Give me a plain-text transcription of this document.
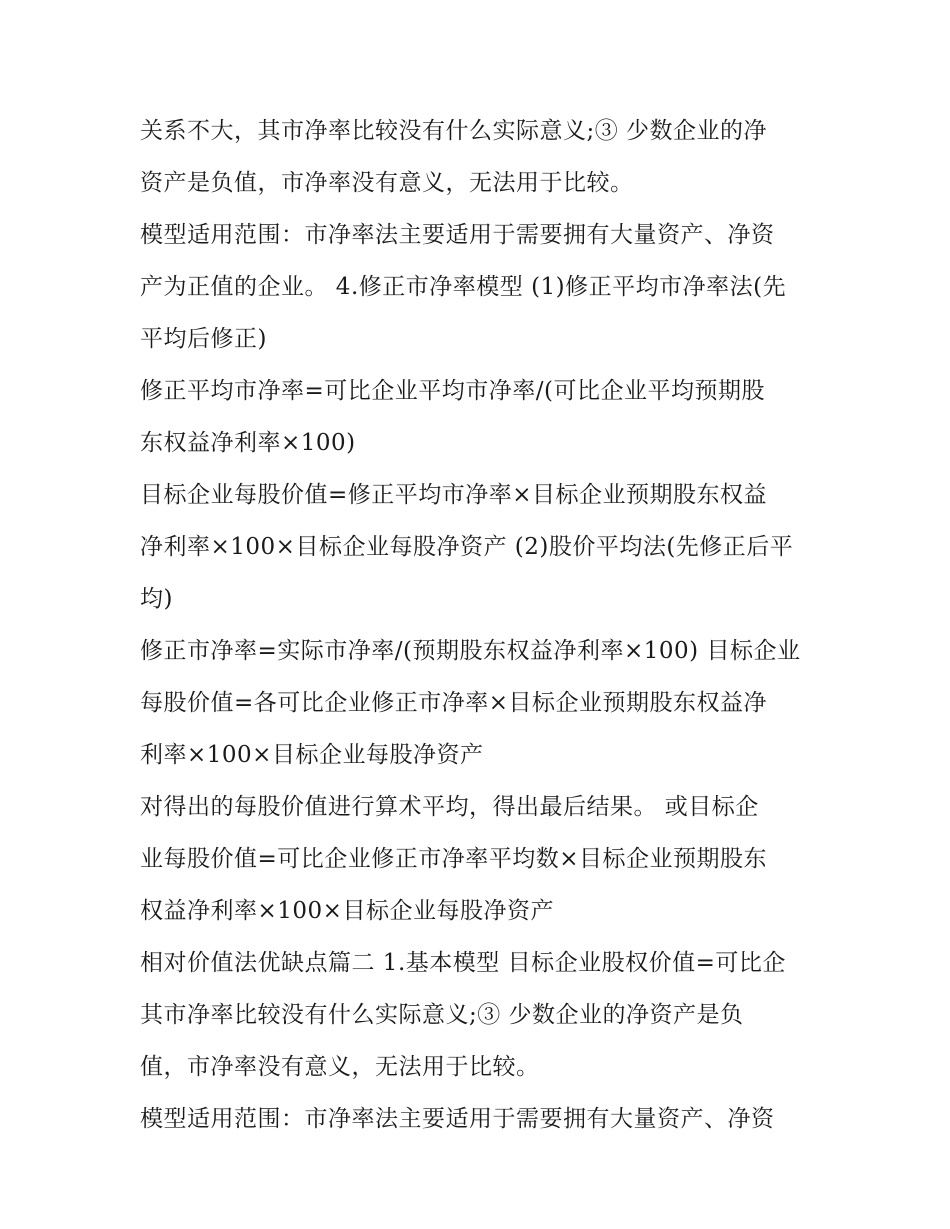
关系不大，其市净率比较没有什么实际意义;③ 少数企业的净
资产是负值，市净率没有意义，无法用于比较。
模型适用范围：市净率法主要适用于需要拥有大量资产、净资
产为正值的企业。 4.修正市净率模型 (1)修正平均市净率法(先
平均后修正)
修正平均市净率=可比企业平均市净率/(可比企业平均预期股
东权益净利率×100)
目标企业每股价值=修正平均市净率×目标企业预期股东权益
净利率×100×目标企业每股净资产 (2)股价平均法(先修正后平
均)
修正市净率=实际市净率/(预期股东权益净利率×100) 目标企业
每股价值=各可比企业修正市净率×目标企业预期股东权益净
利率×100×目标企业每股净资产
对得出的每股价值进行算术平均，得出最后结果。 或目标企
业每股价值=可比企业修正市净率平均数×目标企业预期股东
权益净利率×100×目标企业每股净资产
相对价值法优缺点篇二 1.基本模型 目标企业股权价值=可比企
其市净率比较没有什么实际意义;③ 少数企业的净资产是负
值，市净率没有意义，无法用于比较。
模型适用范围：市净率法主要适用于需要拥有大量资产、净资
